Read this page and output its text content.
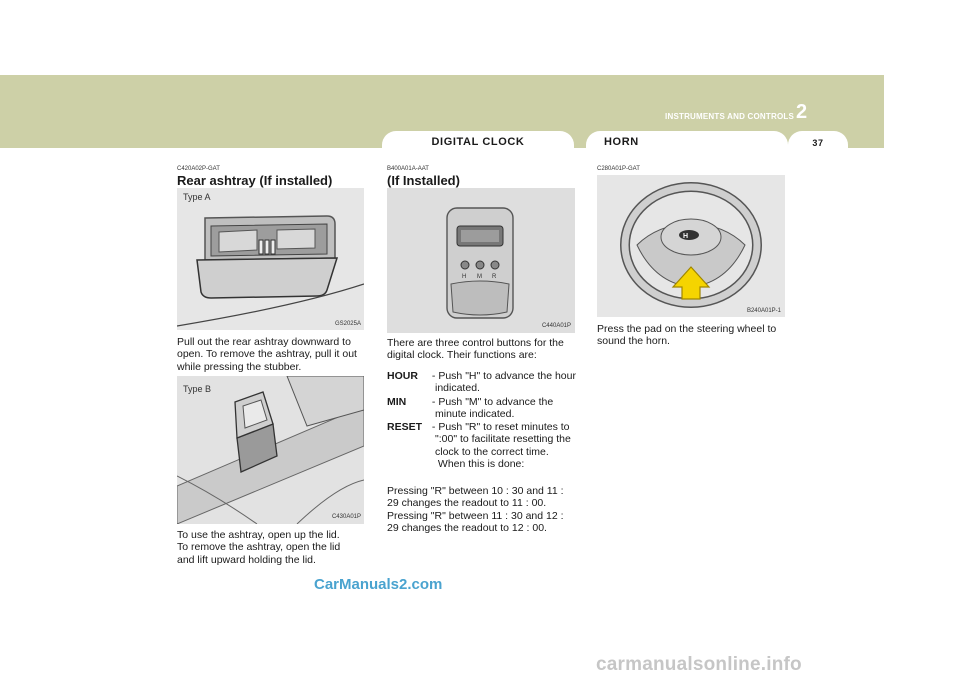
INSTRUMENTS AND CONTROLS 2
DIGITAL CLOCK	HORN	37
C420A02P-GAT
Rear ashtray (If installed)
Type A
GS2025A
Pull out the rear ashtray downward to
open. To remove the ashtray, pull it out
while pressing the stubber.
Type B
C430A01P
To use the ashtray, open up the lid.
To remove the ashtray, open the lid
and lift upward holding the lid.
B400A01A-AAT
(If Installed)
H M R
C440A01P
There are three control buttons for the
digital clock. Their functions are:
HOUR - Push "H" to advance the hour
indicated.
MIN - Push "M" to advance the
minute indicated.
RESET - Push "R" to reset minutes to
":00" to facilitate resetting the
clock to the correct time.
When this is done:
Pressing "R" between 10 : 30 and 11 :
29 changes the readout to 11 : 00.
Pressing "R" between 11 : 30 and 12 :
29 changes the readout to 12 : 00.
C280A01P-GAT
H
B240A01P-1
Press the pad on the steering wheel to
sound the horn.
CarManuals2.com
carmanualsonline.info
